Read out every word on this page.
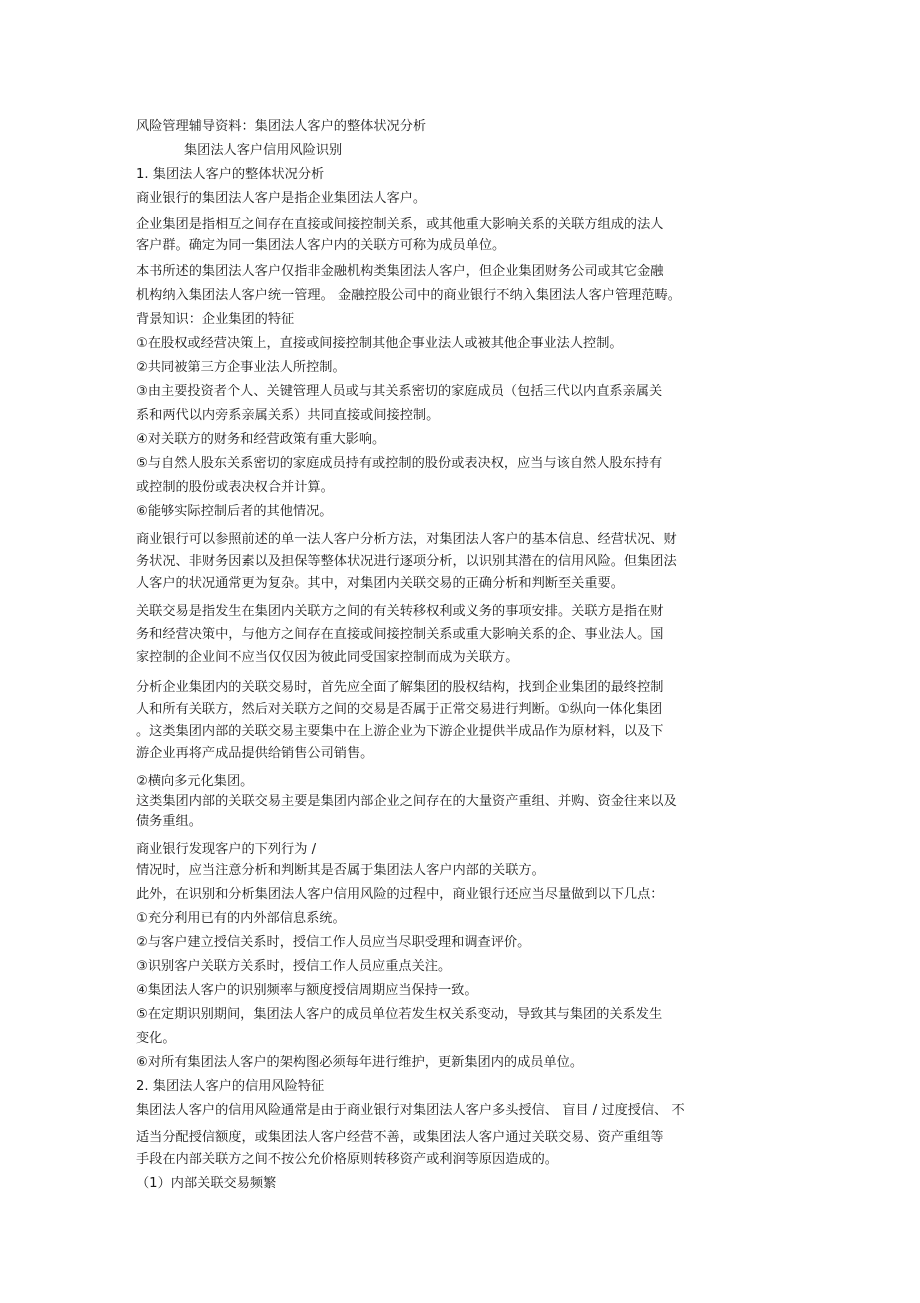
风险管理辅导资料：集团法人客户的整体状况分析

集团法人客户信用风险识别

1. 集团法人客户的整体状况分析

商业银行的集团法人客户是指企业集团法人客户。

企业集团是指相互之间存在直接或间接控制关系，或其他重大影响关系的关联方组成的法人

客户群。确定为同一集团法人客户内的关联方可称为成员单位。

本书所述的集团法人客户仅指非金融机构类集团法人客户，但企业集团财务公司或其它金融

机构纳入集团法人客户统一管理。 金融控股公司中的商业银行不纳入集团法人客户管理范畴。

背景知识：企业集团的特征

①在股权或经营决策上，直接或间接控制其他企事业法人或被其他企事业法人控制。

②共同被第三方企事业法人所控制。

③由主要投资者个人、关键管理人员或与其关系密切的家庭成员（包括三代以内直系亲属关

系和两代以内旁系亲属关系）共同直接或间接控制。

④对关联方的财务和经营政策有重大影响。

⑤与自然人股东关系密切的家庭成员持有或控制的股份或表决权，应当与该自然人股东持有

或控制的股份或表决权合并计算。

⑥能够实际控制后者的其他情况。

商业银行可以参照前述的单一法人客户分析方法，对集团法人客户的基本信息、经营状况、财

务状况、非财务因素以及担保等整体状况进行逐项分析，以识别其潜在的信用风险。但集团法

人客户的状况通常更为复杂。其中，对集团内关联交易的正确分析和判断至关重要。

关联交易是指发生在集团内关联方之间的有关转移权利或义务的事项安排。关联方是指在财

务和经营决策中，与他方之间存在直接或间接控制关系或重大影响关系的企、事业法人。国

家控制的企业间不应当仅仅因为彼此同受国家控制而成为关联方。

分析企业集团内的关联交易时，首先应全面了解集团的股权结构，找到企业集团的最终控制

人和所有关联方，然后对关联方之间的交易是否属于正常交易进行判断。①纵向一体化集团

。这类集团内部的关联交易主要集中在上游企业为下游企业提供半成品作为原材料，以及下

游企业再将产成品提供给销售公司销售。

②横向多元化集团。

这类集团内部的关联交易主要是集团内部企业之间存在的大量资产重组、并购、资金往来以及

债务重组。

商业银行发现客户的下列行为 /

情况时，应当注意分析和判断其是否属于集团法人客户内部的关联方。

此外，在识别和分析集团法人客户信用风险的过程中，商业银行还应当尽量做到以下几点：

①充分利用已有的内外部信息系统。

②与客户建立授信关系时，授信工作人员应当尽职受理和调查评价。

③识别客户关联方关系时，授信工作人员应重点关注。

④集团法人客户的识别频率与额度授信周期应当保持一致。

⑤在定期识别期间，集团法人客户的成员单位若发生权关系变动，导致其与集团的关系发生

变化。

⑥对所有集团法人客户的架构图必须每年进行维护，更新集团内的成员单位。

2. 集团法人客户的信用风险特征

集团法人客户的信用风险通常是由于商业银行对集团法人客户多头授信、 盲目 / 过度授信、 不

适当分配授信额度，或集团法人客户经营不善，或集团法人客户通过关联交易、资产重组等

手段在内部关联方之间不按公允价格原则转移资产或利润等原因造成的。

（1）内部关联交易频繁
